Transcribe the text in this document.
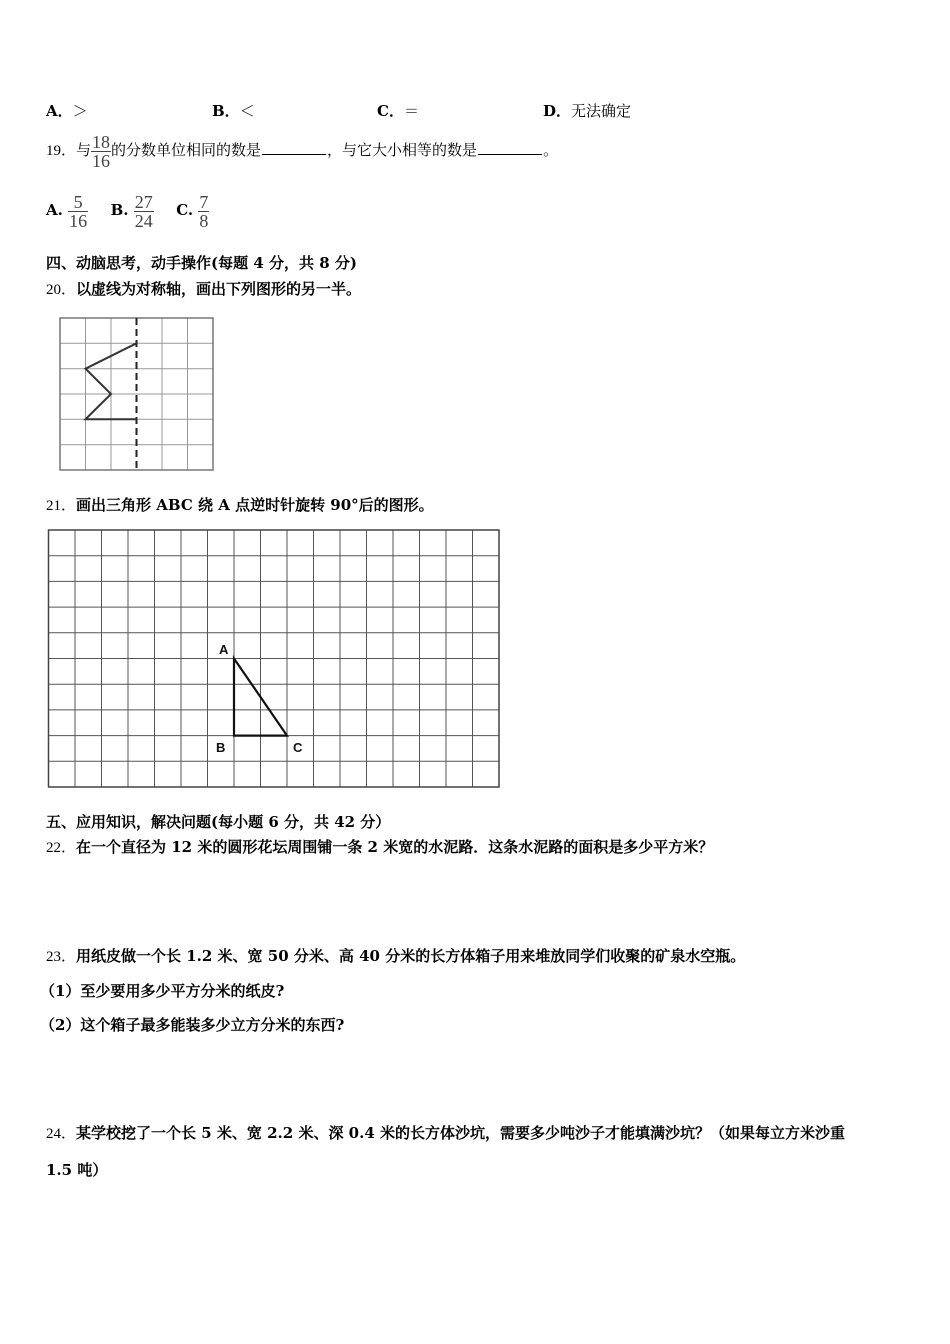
A．＞	B．＜	C．＝	D．无法确定
19．与 $\frac{18}{16}$ 的分数单位相同的数是	，与它大小相等的数是	。
A. $\frac{5}{16} B$. $\frac{27}{24} C$. $\frac{7}{8}$
四、动脑思考，动手操作(每题 4 分，共 8 分)
20．以虚线为对称轴，画出下列图形的另一半。
21．画出三角形 ABC 绕 A 点逆时针旋转 90°后的图形。
A
B	C
五、应用知识，解决问题(每小题 6 分，共 42 分）
22．在一个直径为 12 米的圆形花坛周围铺一条 2 米宽的水泥路．这条水泥路的面积是多少平方米？
23．用纸皮做一个长 1.2 米、宽 50 分米、高 40 分米的长方体箱子用来堆放同学们收聚的矿泉水空瓶。
（1）至少要用多少平方分米的纸皮?
（2）这个箱子最多能装多少立方分米的东西?
24．某学校挖了一个长 5 米、宽 2.2 米、深 0.4 米的长方体沙坑，需要多少吨沙子才能填满沙坑？（如果每立方米沙重
1.5 吨）
